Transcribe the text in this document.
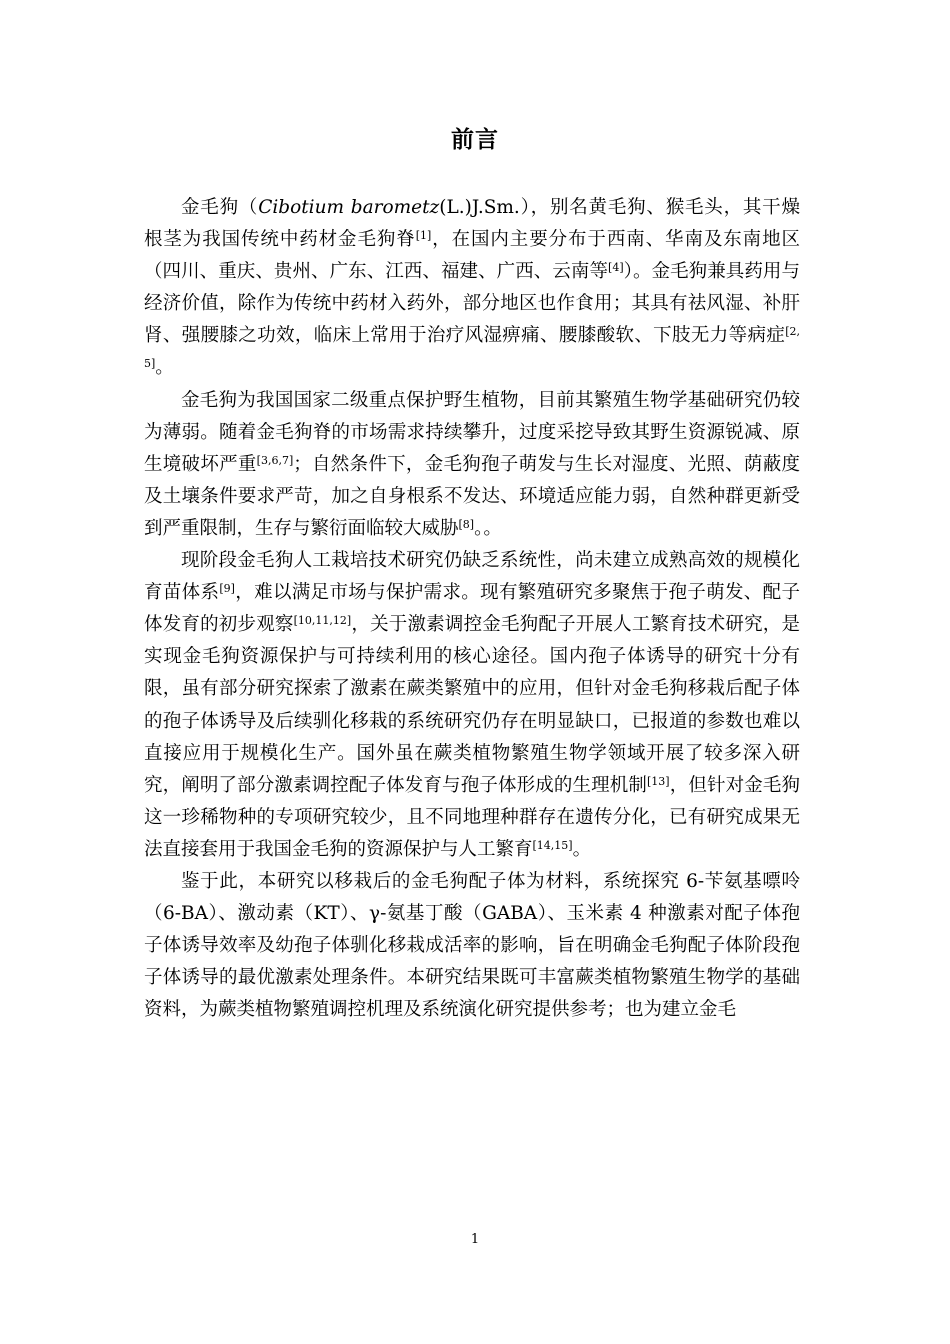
前言

金毛狗（Cibotium barometz(L.)J.Sm.），别名黄毛狗、猴毛头，其干燥根茎为我国传统中药材金毛狗脊[1]，在国内主要分布于西南、华南及东南地区（四川、重庆、贵州、广东、江西、福建、广西、云南等[4]）。金毛狗兼具药用与经济价值，除作为传统中药材入药外，部分地区也作食用；其具有祛风湿、补肝肾、强腰膝之功效，临床上常用于治疗风湿痹痛、腰膝酸软、下肢无力等病症[2,5]。

金毛狗为我国国家二级重点保护野生植物，目前其繁殖生物学基础研究仍较为薄弱。随着金毛狗脊的市场需求持续攀升，过度采挖导致其野生资源锐减、原生境破坏严重[3,6,7]；自然条件下，金毛狗孢子萌发与生长对湿度、光照、荫蔽度及土壤条件要求严苛，加之自身根系不发达、环境适应能力弱，自然种群更新受到严重限制，生存与繁衍面临较大威胁[8]。。

现阶段金毛狗人工栽培技术研究仍缺乏系统性，尚未建立成熟高效的规模化育苗体系[9]，难以满足市场与保护需求。现有繁殖研究多聚焦于孢子萌发、配子体发育的初步观察[10,11,12]，关于激素调控金毛狗配子开展人工繁育技术研究，是实现金毛狗资源保护与可持续利用的核心途径。国内孢子体诱导的研究十分有限，虽有部分研究探索了激素在蕨类繁殖中的应用，但针对金毛狗移栽后配子体的孢子体诱导及后续驯化移栽的系统研究仍存在明显缺口，已报道的参数也难以直接应用于规模化生产。国外虽在蕨类植物繁殖生物学领域开展了较多深入研究，阐明了部分激素调控配子体发育与孢子体形成的生理机制[13]，但针对金毛狗这一珍稀物种的专项研究较少，且不同地理种群存在遗传分化，已有研究成果无法直接套用于我国金毛狗的资源保护与人工繁育[14,15]。

鉴于此，本研究以移栽后的金毛狗配子体为材料，系统探究 6-苄氨基嘌呤（6-BA）、激动素（KT）、γ-氨基丁酸（GABA）、玉米素 4 种激素对配子体孢子体诱导效率及幼孢子体驯化移栽成活率的影响，旨在明确金毛狗配子体阶段孢子体诱导的最优激素处理条件。本研究结果既可丰富蕨类植物繁殖生物学的基础资料，为蕨类植物繁殖调控机理及系统演化研究提供参考；也为建立金毛

1
